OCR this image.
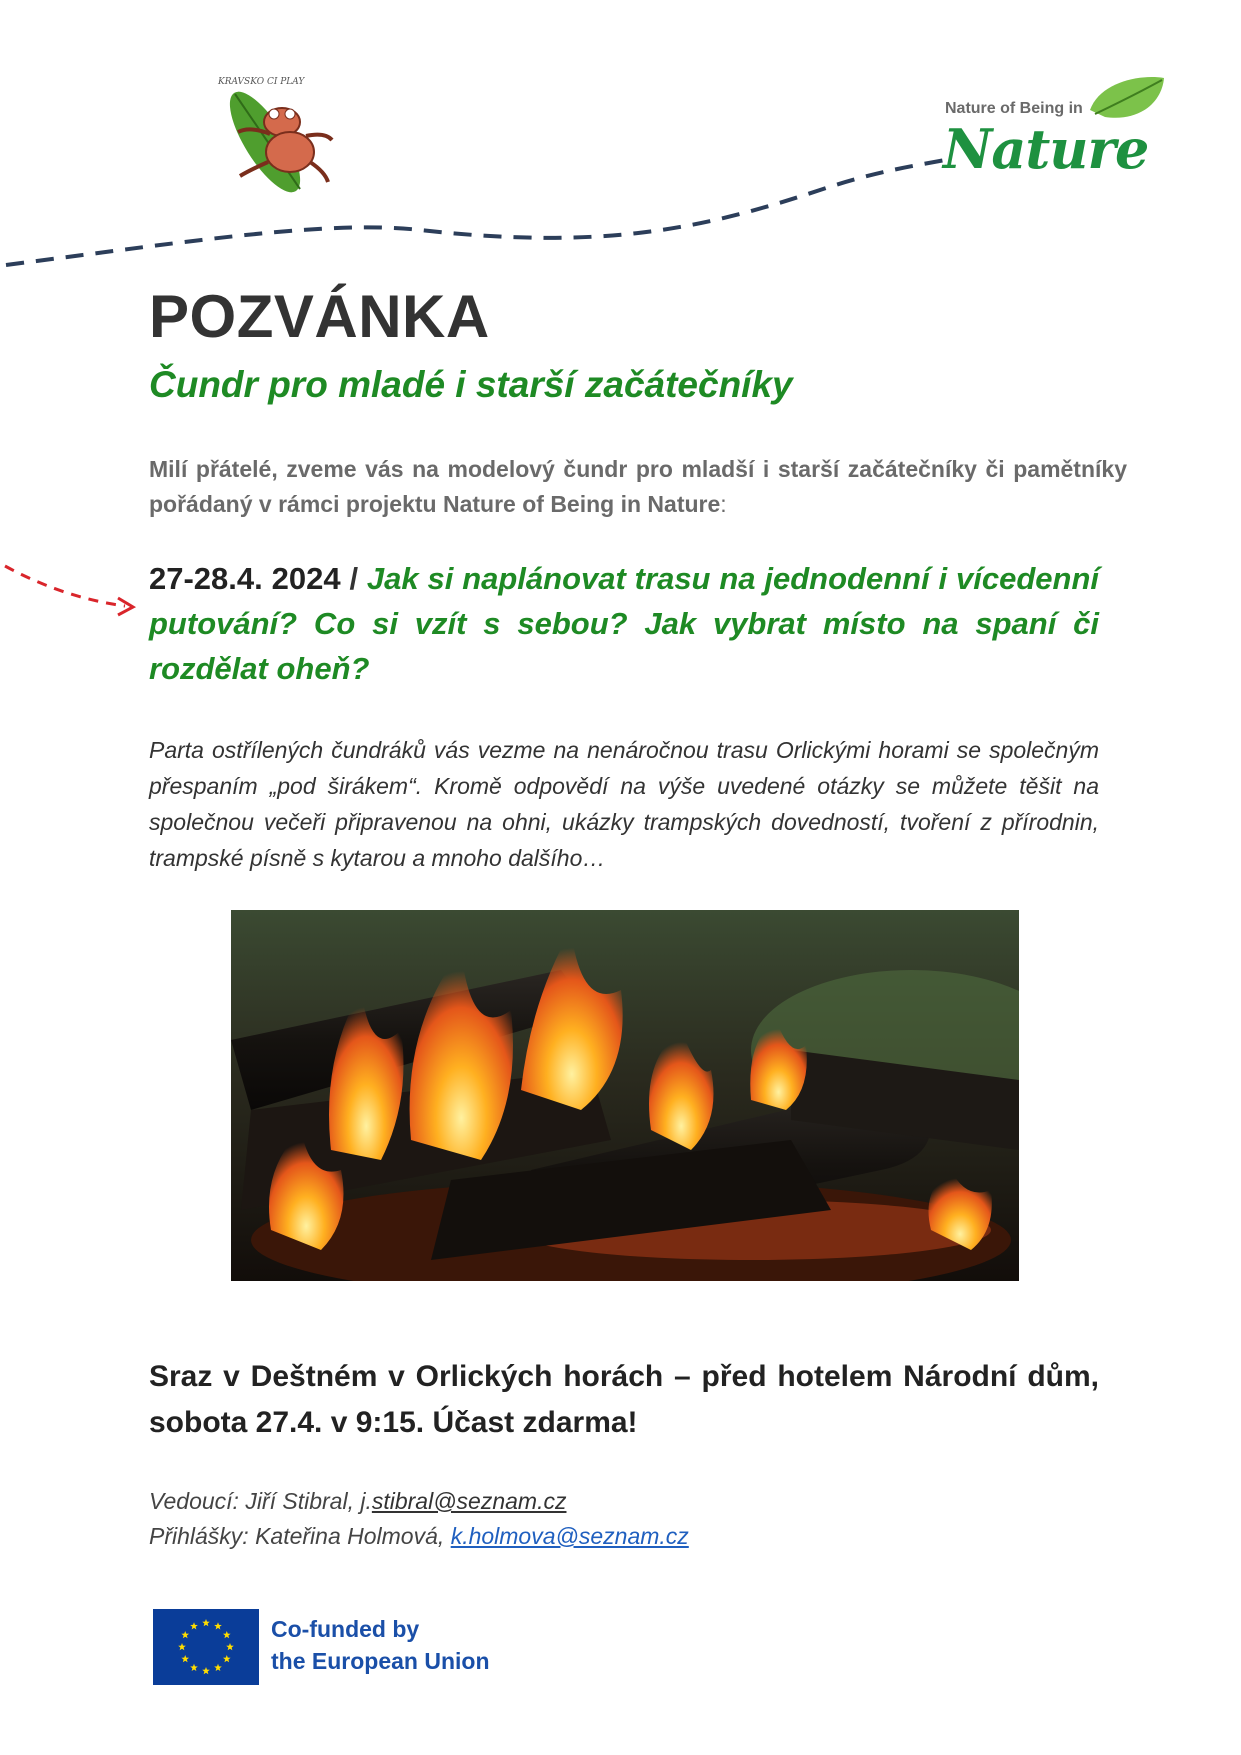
KRAVSKO CI PLAY
Nature of Being in
Nature
POZVÁNKA
Čundr pro mladé i starší začátečníky

Milí přátelé, zveme vás na modelový čundr pro mladší i starší začátečníky či pamětníky pořádaný v rámci projektu Nature of Being in Nature:

27-28.4. 2024 / Jak si naplánovat trasu na jednodenní i vícedenní putování? Co si vzít s sebou? Jak vybrat místo na spaní či rozdělat oheň?

Parta ostřílených čundráků vás vezme na nenáročnou trasu Orlickými horami se společným přespaním „pod širákem“. Kromě odpovědí na výše uvedené otázky se můžete těšit na společnou večeři připravenou na ohni, ukázky trampských dovedností, tvoření z přírodnin, trampské písně s kytarou a mnoho dalšího…

Sraz v Deštném v Orlických horách – před hotelem Národní dům, sobota 27.4. v 9:15. Účast zdarma!

Vedoucí: Jiří Stibral, j.stibral@seznam.cz
Přihlášky: Kateřina Holmová, k.holmova@seznam.cz
Co-funded by
the European Union
